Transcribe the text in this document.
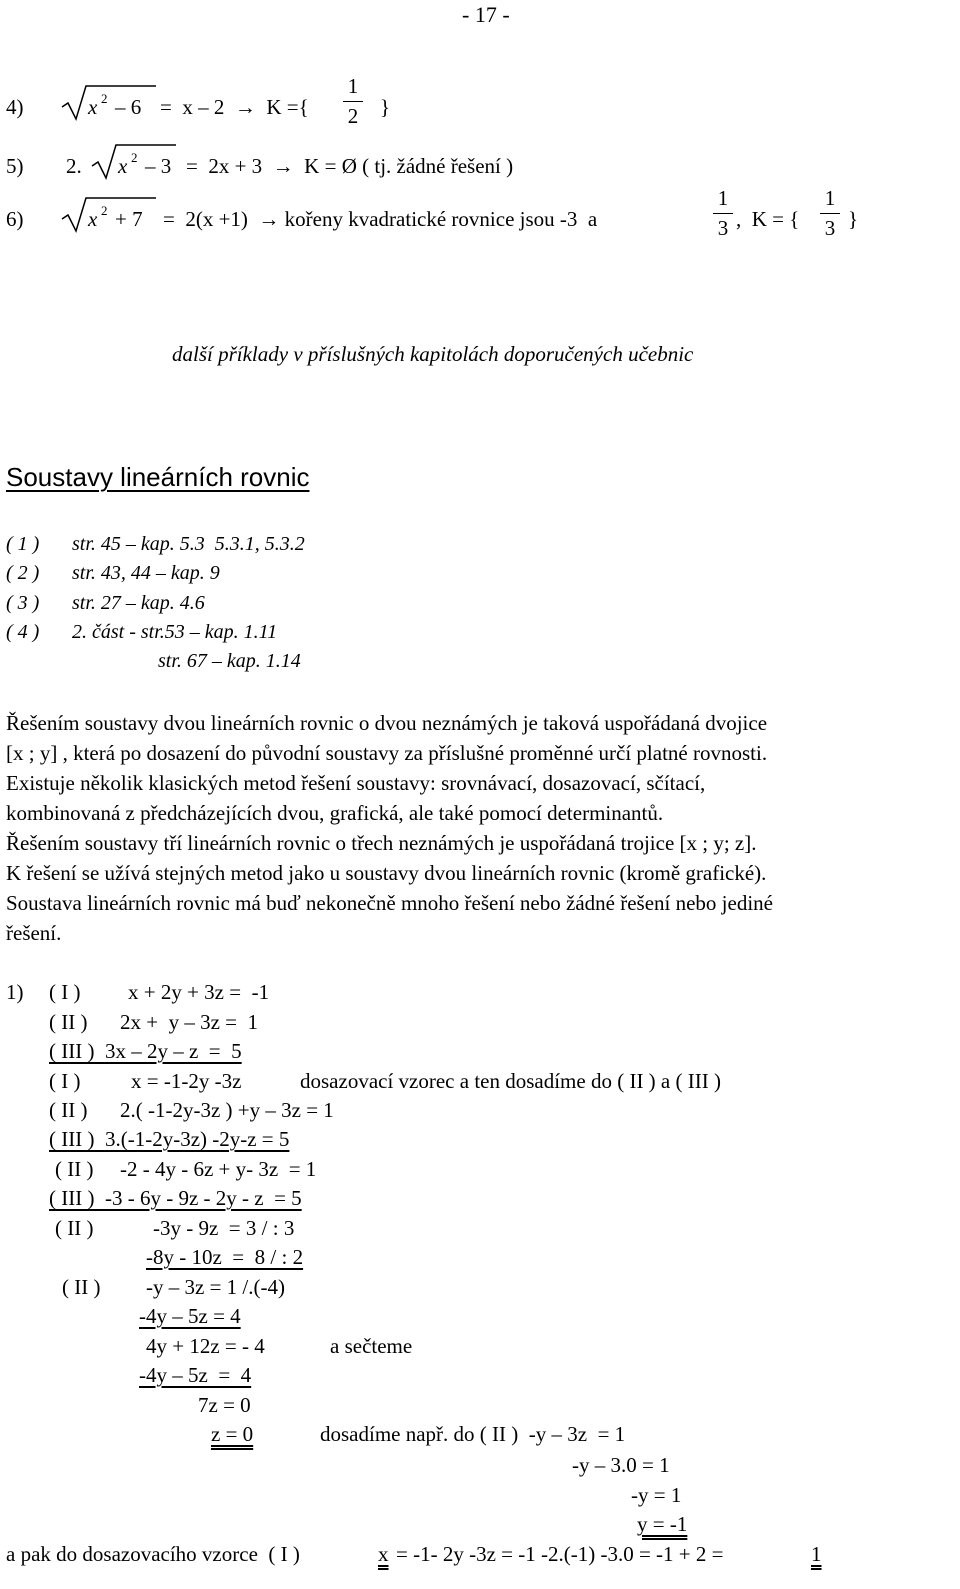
- 17 -
4)	x 2 – 6 =  x – 2  →  K ={
1
2 }
5) 2. x 2 – 3 =  2x + 3  →  K = Ø ( tj. žádné řešení )
6)	x 2 + 7 =  2(x +1)  → kořeny kvadratické rovnice jsou -3  a
1
3 ,  K = {
1
3 }
další příklady v příslušných kapitolách doporučených učebnic
Soustavy lineárních rovnic
( 1 ) str. 45 – kap. 5.3  5.3.1, 5.3.2
( 2 ) str. 43, 44 – kap. 9
( 3 ) str. 27 – kap. 4.6
( 4 ) 2. část - str.53 – kap. 1.11
str. 67 – kap. 1.14
Řešením soustavy dvou lineárních rovnic o dvou neznámých je taková uspořádaná dvojice
[x ; y] , která po dosazení do původní soustavy za příslušné proměnné určí platné rovnosti.
Existuje několik klasických metod řešení soustavy: srovnávací, dosazovací, sčítací,
kombinovaná z předcházejících dvou, grafická, ale také pomocí determinantů.
Řešením soustavy tří lineárních rovnic o třech neznámých je uspořádaná trojice [x ; y; z].
K řešení se užívá stejných metod jako u soustavy dvou lineárních rovnic (kromě grafické).
Soustava lineárních rovnic má buď nekonečně mnoho řešení nebo žádné řešení nebo jediné
řešení.
1) ( I ) x + 2y + 3z =  -1
( II ) 2x +  y – 3z =  1
( III )  3x – 2y – z  =  5
( I ) x = -1-2y -3z	dosazovací vzorec a ten dosadíme do ( II ) a ( III )
( II ) 2.( -1-2y-3z ) +y – 3z = 1
( III )  3.(-1-2y-3z) -2y-z = 5
( II ) -2 - 4y - 6z + y- 3z  = 1
( III )  -3 - 6y - 9z - 2y - z  = 5
( II )	-3y - 9z  = 3 / : 3
-8y - 10z  =  8 / : 2
( II ) -y – 3z = 1 /.(-4)
-4y – 5z = 4
4y + 12z = - 4	a sečteme
-4y – 5z  =  4
7z = 0
z = 0	dosadíme např. do ( II )  -y – 3z  = 1
-y – 3.0 = 1
-y = 1
y = -1
a pak do dosazovacího vzorce  ( I )	x = -1- 2y -3z = -1 -2.(-1) -3.0 = -1 + 2 =	1
